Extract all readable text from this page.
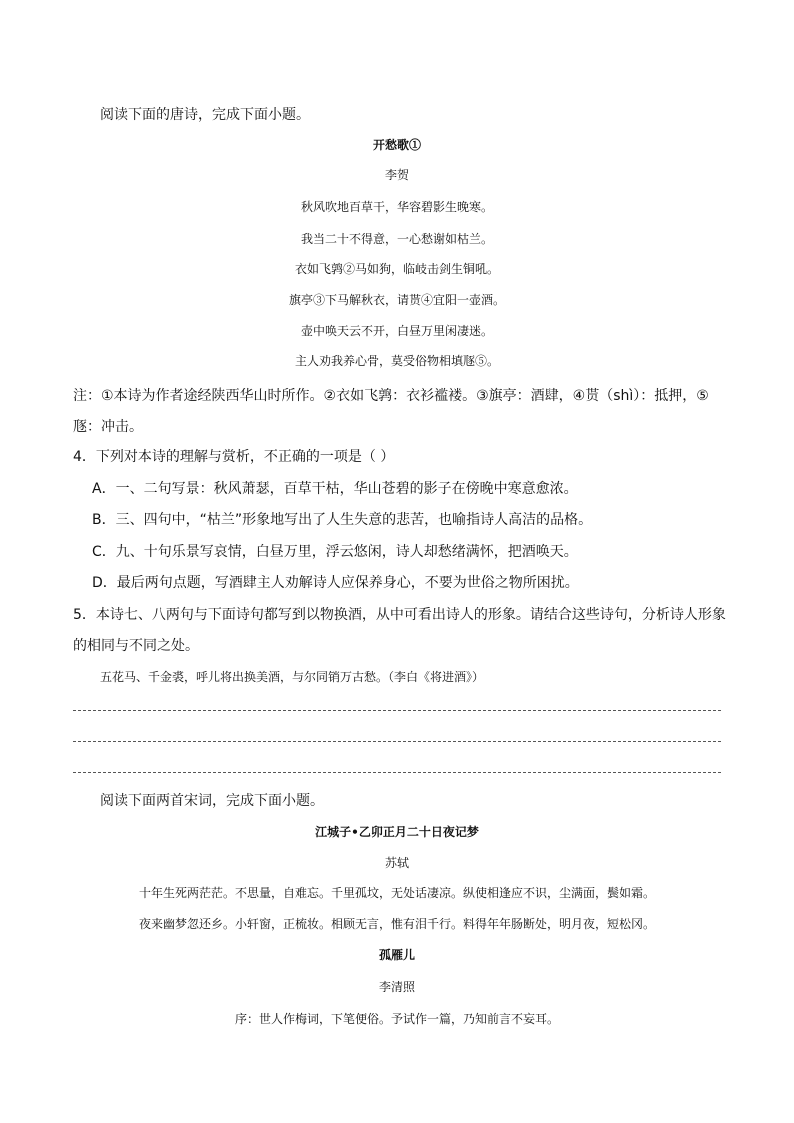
阅读下面的唐诗，完成下面小题。
开愁歌①
李贺
秋风吹地百草干，华容碧影生晚寒。
我当二十不得意，一心愁谢如枯兰。
衣如飞鹑②马如狗，临岐击剑生铜吼。
旗亭③下马解秋衣，请贳④宜阳一壶酒。
壶中唤天云不开，白昼万里闲凄迷。
主人劝我养心骨，莫受俗物相填豗⑤。
注：①本诗为作者途经陕西华山时所作。②衣如飞鹑：衣衫褴褛。③旗亭：酒肆，④贳（shì）：抵押，⑤
豗：冲击。
4．下列对本诗的理解与赏析，不正确的一项是（ ）
A．一、二句写景：秋风萧瑟，百草干枯，华山苍碧的影子在傍晚中寒意愈浓。
B．三、四句中，“枯兰”形象地写出了人生失意的悲苦，也喻指诗人高洁的品格。
C．九、十句乐景写哀情，白昼万里，浮云悠闲，诗人却愁绪满怀，把酒唤天。
D．最后两句点题，写酒肆主人劝解诗人应保养身心，不要为世俗之物所困扰。
5．本诗七、八两句与下面诗句都写到以物换酒，从中可看出诗人的形象。请结合这些诗句，分析诗人形象
的相同与不同之处。
五花马、千金裘，呼儿将出换美酒，与尔同销万古愁。（李白《将进酒》）
阅读下面两首宋词，完成下面小题。
江城子•乙卯正月二十日夜记梦
苏轼
十年生死两茫茫。不思量，自难忘。千里孤坟，无处话凄凉。纵使相逢应不识，尘满面，鬓如霜。
夜来幽梦忽还乡。小轩窗，正梳妆。相顾无言，惟有泪千行。料得年年肠断处，明月夜，短松冈。
孤雁儿
李清照
序：世人作梅词，下笔便俗。予试作一篇，乃知前言不妄耳。
